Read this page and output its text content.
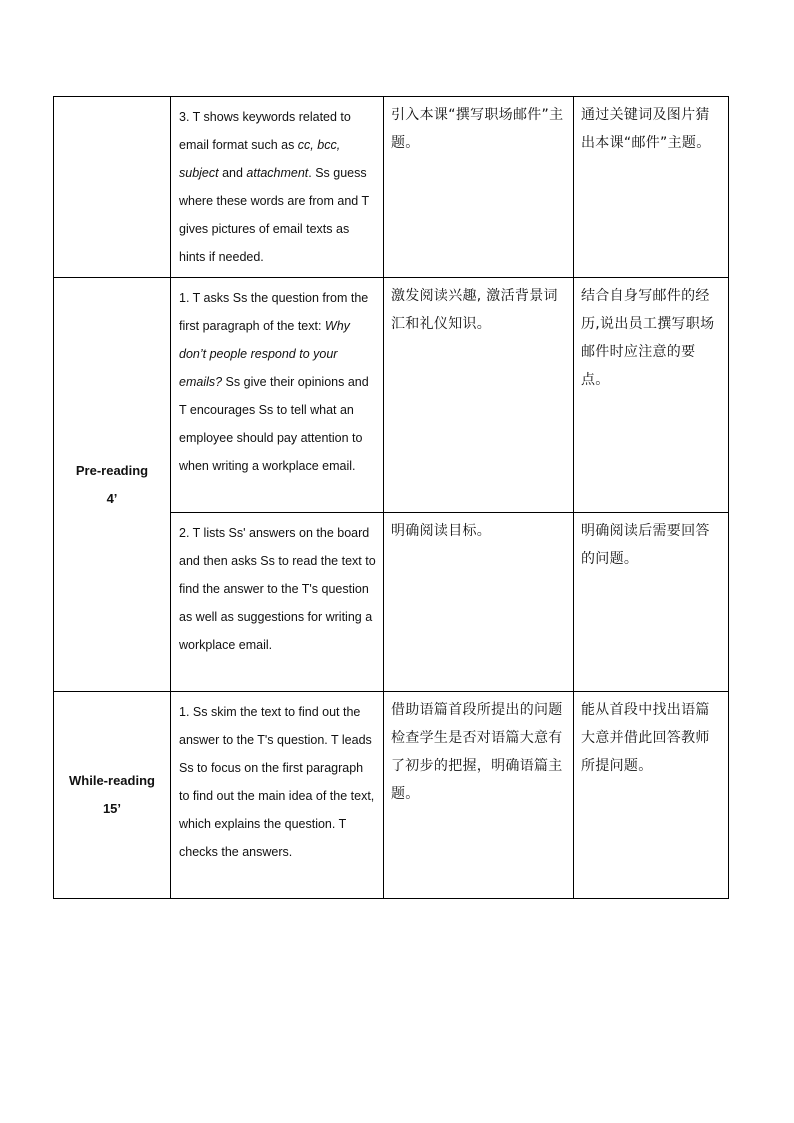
	3. T shows keywords related to email format such as cc, bcc, subject and attachment. Ss guess where these words are from and T gives pictures of email texts as hints if needed.	引入本课“撰写职场邮件”主题。	通过关键词及图片猜出本课“邮件”主题。

Pre-reading
4’	1. T asks Ss the question from the first paragraph of the text: Why don’t people respond to your emails? Ss give their opinions and T encourages Ss to tell what an employee should pay attention to when writing a workplace email.	激发阅读兴趣, 激活背景词汇和礼仪知识。	结合自身写邮件的经历,说出员工撰写职场邮件时应注意的要点。
	2. T lists Ss' answers on the board and then asks Ss to read the text to find the answer to the T's question as well as suggestions for writing a workplace email.	明确阅读目标。	明确阅读后需要回答的问题。

While-reading
15’	1. Ss skim the text to find out the answer to the T's question. T leads Ss to focus on the first paragraph to find out the main idea of the text, which explains the question. T checks the answers.	借助语篇首段所提出的问题检查学生是否对语篇大意有了初步的把握，明确语篇主题。	能从首段中找出语篇大意并借此回答教师所提问题。
